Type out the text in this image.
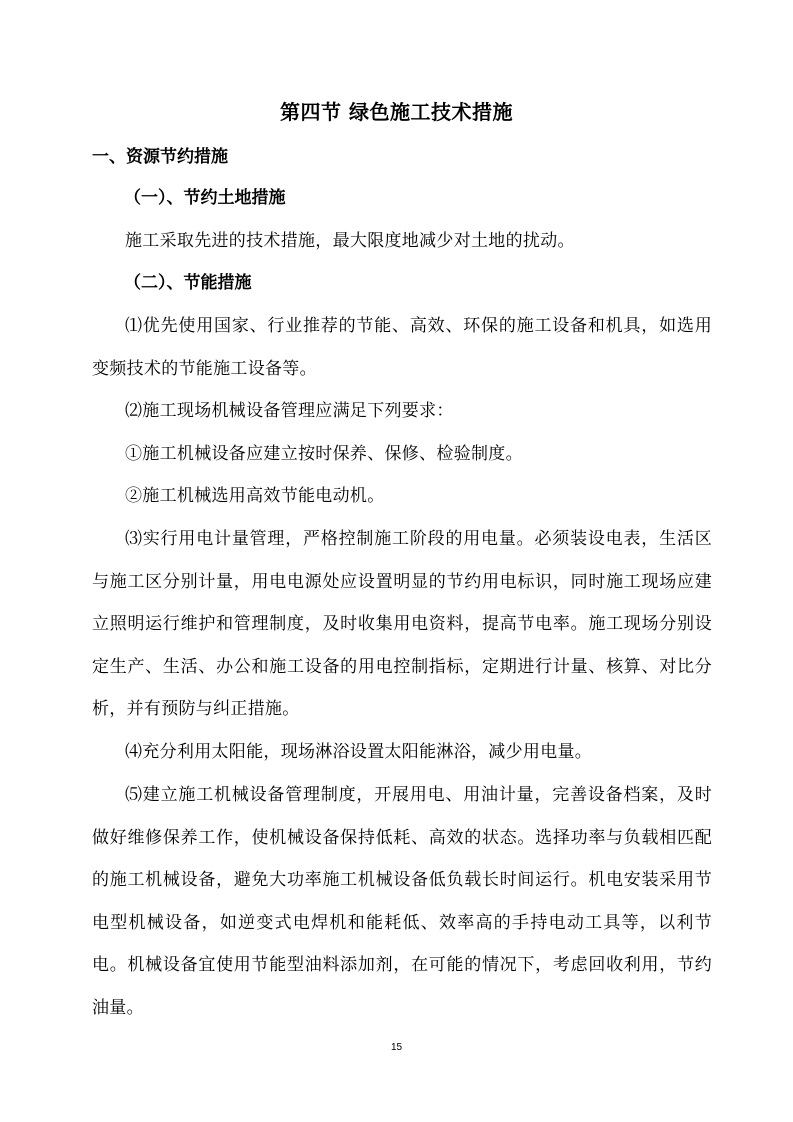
第四节 绿色施工技术措施
一、资源节约措施
（一）、节约土地措施
施工采取先进的技术措施，最大限度地减少对土地的扰动。
（二）、节能措施
⑴优先使用国家、行业推荐的节能、高效、环保的施工设备和机具，如选用变频技术的节能施工设备等。
⑵施工现场机械设备管理应满足下列要求：
①施工机械设备应建立按时保养、保修、检验制度。
②施工机械选用高效节能电动机。
⑶实行用电计量管理，严格控制施工阶段的用电量。必须装设电表，生活区与施工区分别计量，用电电源处应设置明显的节约用电标识，同时施工现场应建立照明运行维护和管理制度，及时收集用电资料，提高节电率。施工现场分别设定生产、生活、办公和施工设备的用电控制指标，定期进行计量、核算、对比分析，并有预防与纠正措施。
⑷充分利用太阳能，现场淋浴设置太阳能淋浴，减少用电量。
⑸建立施工机械设备管理制度，开展用电、用油计量，完善设备档案，及时做好维修保养工作，使机械设备保持低耗、高效的状态。选择功率与负载相匹配的施工机械设备，避免大功率施工机械设备低负载长时间运行。机电安装采用节电型机械设备，如逆变式电焊机和能耗低、效率高的手持电动工具等，以利节电。机械设备宜使用节能型油料添加剂，在可能的情况下，考虑回收利用，节约油量。
15
